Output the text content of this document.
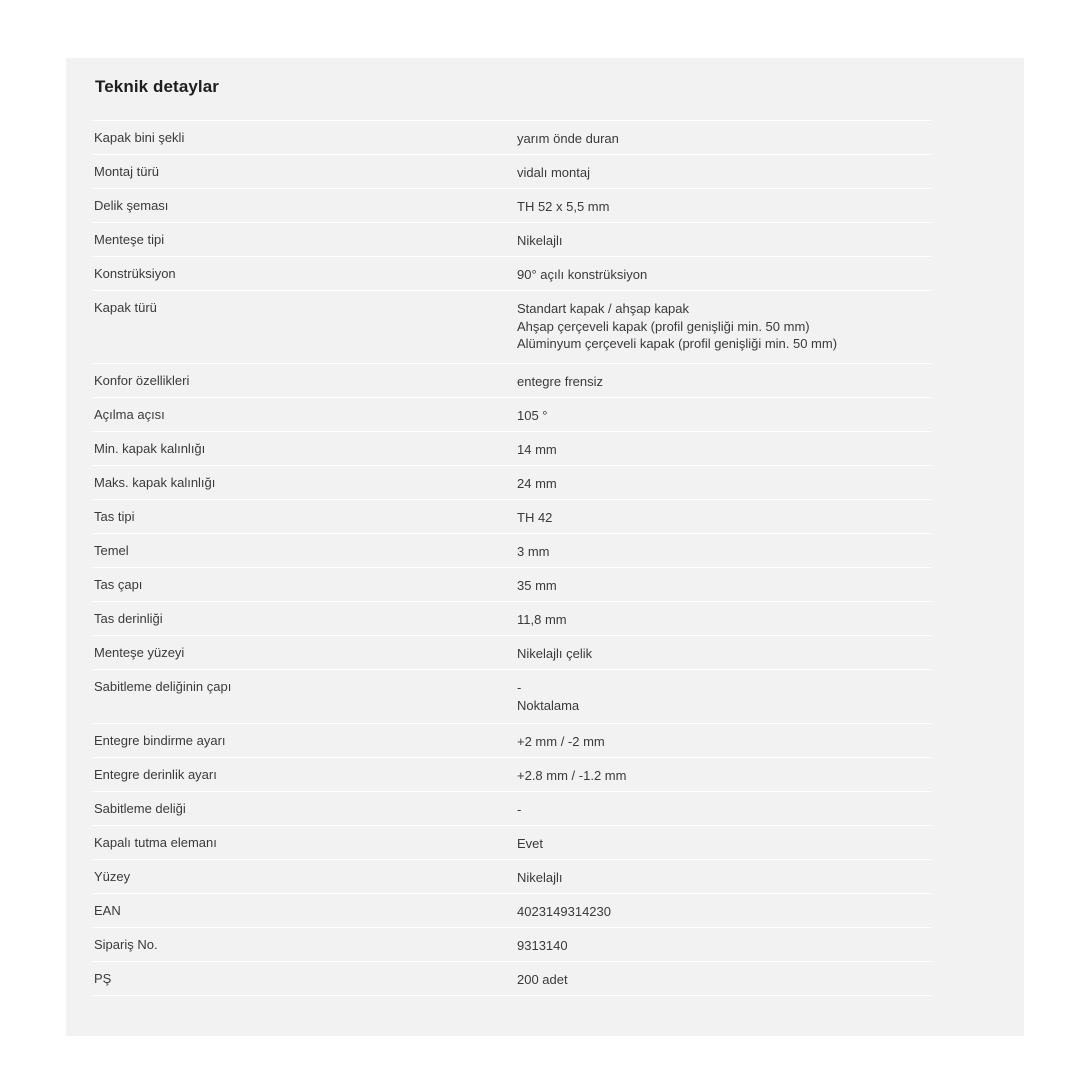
Teknik detaylar
Kapak bini şekli	yarım önde duran
Montaj türü	vidalı montaj
Delik şeması	TH 52 x 5,5 mm
Menteşe tipi	Nikelajlı
Konstrüksiyon	90° açılı konstrüksiyon
Kapak türü	Standart kapak / ahşap kapak
Ahşap çerçeveli kapak (profil genişliği min. 50 mm)
Alüminyum çerçeveli kapak (profil genişliği min. 50 mm)
Konfor özellikleri	entegre frensiz
Açılma açısı	105 °
Min. kapak kalınlığı	14 mm
Maks. kapak kalınlığı	24 mm
Tas tipi	TH 42
Temel	3 mm
Tas çapı	35 mm
Tas derinliği	11,8 mm
Menteşe yüzeyi	Nikelajlı çelik
Sabitleme deliğinin çapı	-
Noktalama
Entegre bindirme ayarı	+2 mm / -2 mm
Entegre derinlik ayarı	+2.8 mm / -1.2 mm
Sabitleme deliği	-
Kapalı tutma elemanı	Evet
Yüzey	Nikelajlı
EAN	4023149314230
Sipariş No.	9313140
PŞ	200 adet
